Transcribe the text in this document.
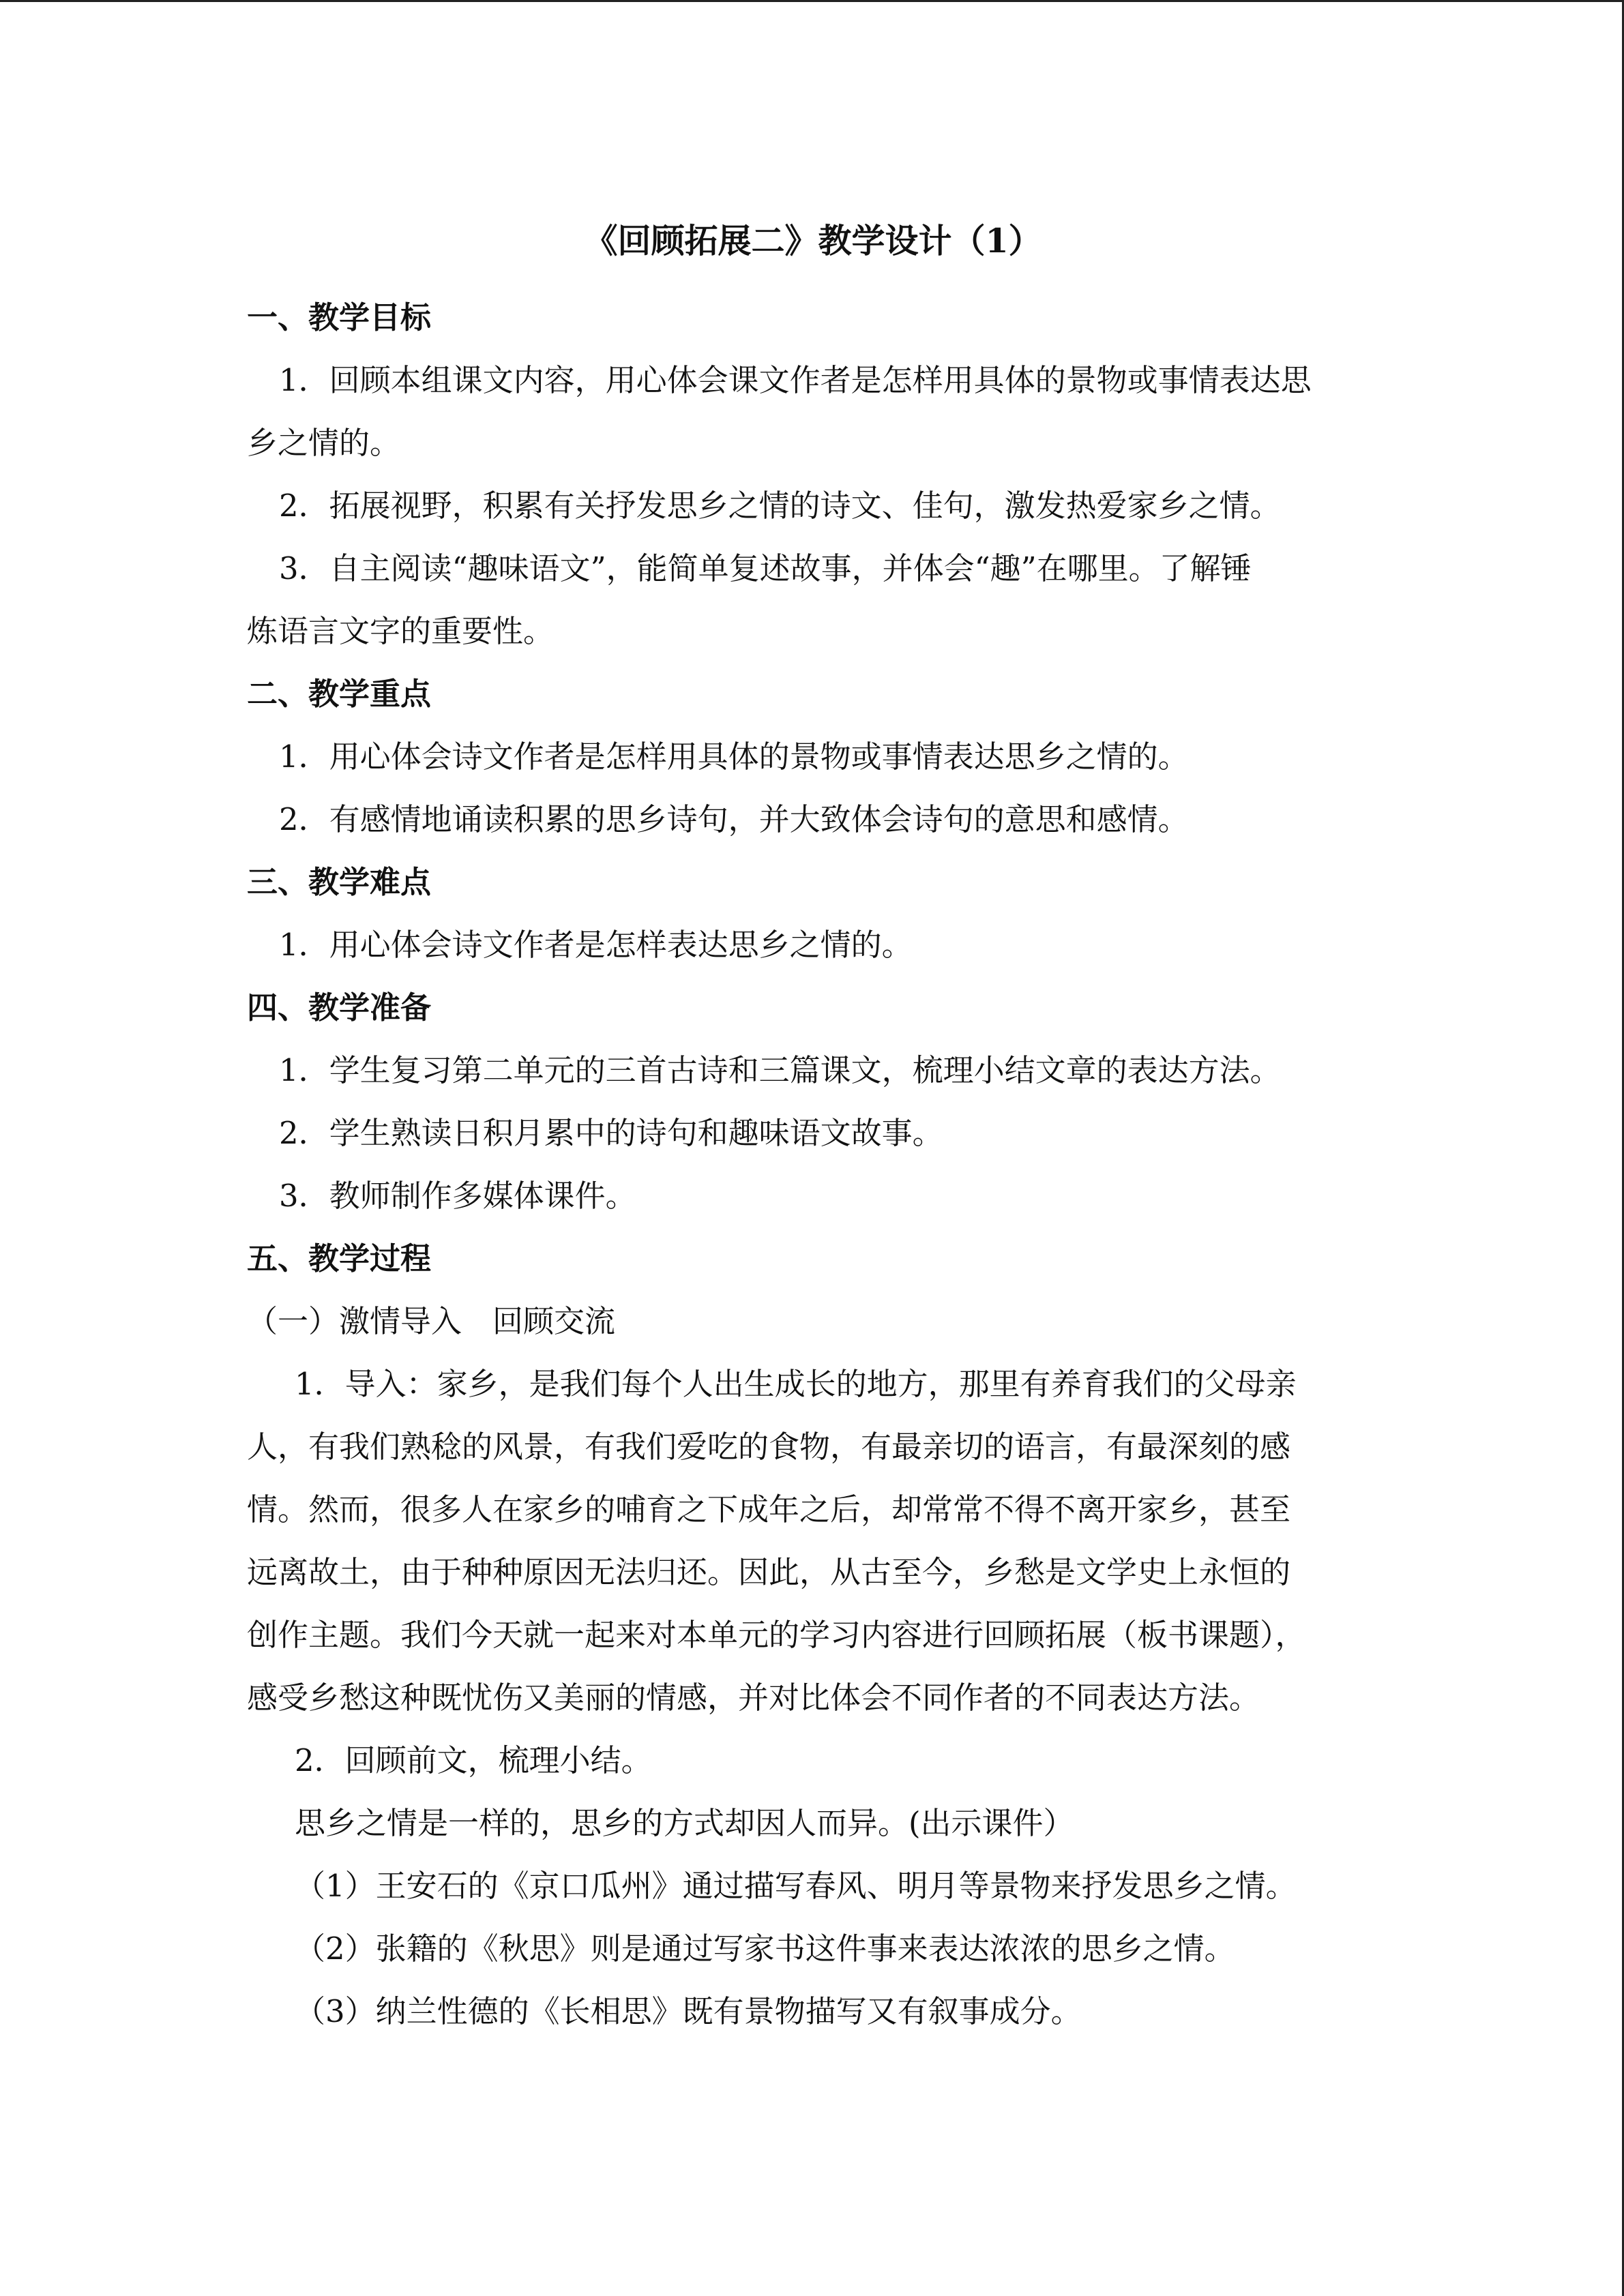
《回顾拓展二》教学设计（1）
一、教学目标
1．回顾本组课文内容，用心体会课文作者是怎样用具体的景物或事情表达思
乡之情的。
2．拓展视野，积累有关抒发思乡之情的诗文、佳句，激发热爱家乡之情。
3．自主阅读“趣味语文”，能简单复述故事，并体会“趣”在哪里。了解锤
炼语言文字的重要性。
二、教学重点
1．用心体会诗文作者是怎样用具体的景物或事情表达思乡之情的。
2．有感情地诵读积累的思乡诗句，并大致体会诗句的意思和感情。
三、教学难点
1．用心体会诗文作者是怎样表达思乡之情的。
四、教学准备
1．学生复习第二单元的三首古诗和三篇课文，梳理小结文章的表达方法。
2．学生熟读日积月累中的诗句和趣味语文故事。
3．教师制作多媒体课件。
五、教学过程
（一）激情导入　回顾交流
1．导入：家乡，是我们每个人出生成长的地方，那里有养育我们的父母亲
人，有我们熟稔的风景，有我们爱吃的食物，有最亲切的语言，有最深刻的感
情。然而，很多人在家乡的哺育之下成年之后，却常常不得不离开家乡，甚至
远离故土，由于种种原因无法归还。因此，从古至今，乡愁是文学史上永恒的
创作主题。我们今天就一起来对本单元的学习内容进行回顾拓展（板书课题），
感受乡愁这种既忧伤又美丽的情感，并对比体会不同作者的不同表达方法。
2．回顾前文，梳理小结。
思乡之情是一样的，思乡的方式却因人而异。(出示课件）
（1）王安石的《京口瓜州》通过描写春风、明月等景物来抒发思乡之情。
（2）张籍的《秋思》则是通过写家书这件事来表达浓浓的思乡之情。
（3）纳兰性德的《长相思》既有景物描写又有叙事成分。
